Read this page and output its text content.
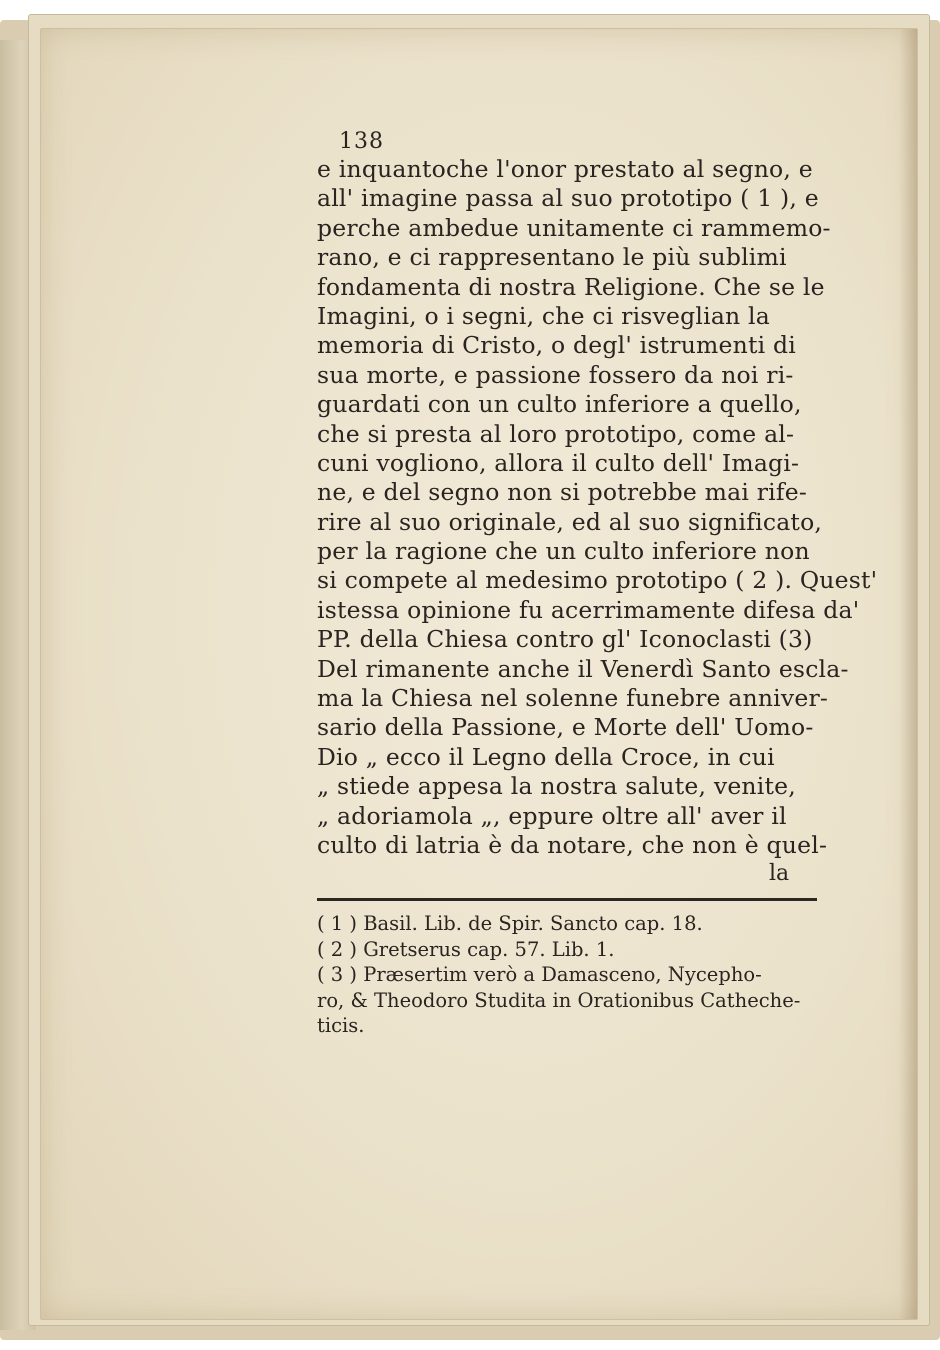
138
e inquantoche l'onor prestato al segno, e
all' imagine passa al suo prototipo ( 1 ), e
perche ambedue unitamente ci rammemo-
rano, e ci rappresentano le più sublimi
fondamenta di nostra Religione. Che se le
Imagini, o i segni, che ci risveglian la
memoria di Cristo, o degl' istrumenti di
sua morte, e passione fossero da noi ri-
guardati con un culto inferiore a quello,
che si presta al loro prototipo, come al-
cuni vogliono, allora il culto dell' Imagi-
ne, e del segno non si potrebbe mai rife-
rire al suo originale, ed al suo significato,
per la ragione che un culto inferiore non
si compete al medesimo prototipo ( 2 ). Quest'
istessa opinione fu acerrimamente difesa da'
PP. della Chiesa contro gl' Iconoclasti (3)
Del rimanente anche il Venerdì Santo escla-
ma la Chiesa nel solenne funebre anniver-
sario della Passione, e Morte dell' Uomo-
Dio „ ecco il Legno della Croce, in cui
„ stiede appesa la nostra salute, venite,
„ adoriamola „, eppure oltre all' aver il
culto di latria è da notare, che non è quel-
la
( 1 ) Basil. Lib. de Spir. Sancto cap. 18.
( 2 ) Gretserus cap. 57. Lib. 1.
( 3 ) Præsertim verò a Damasceno, Nycepho-
ro, & Theodoro Studita in Orationibus Catheche-
ticis.
